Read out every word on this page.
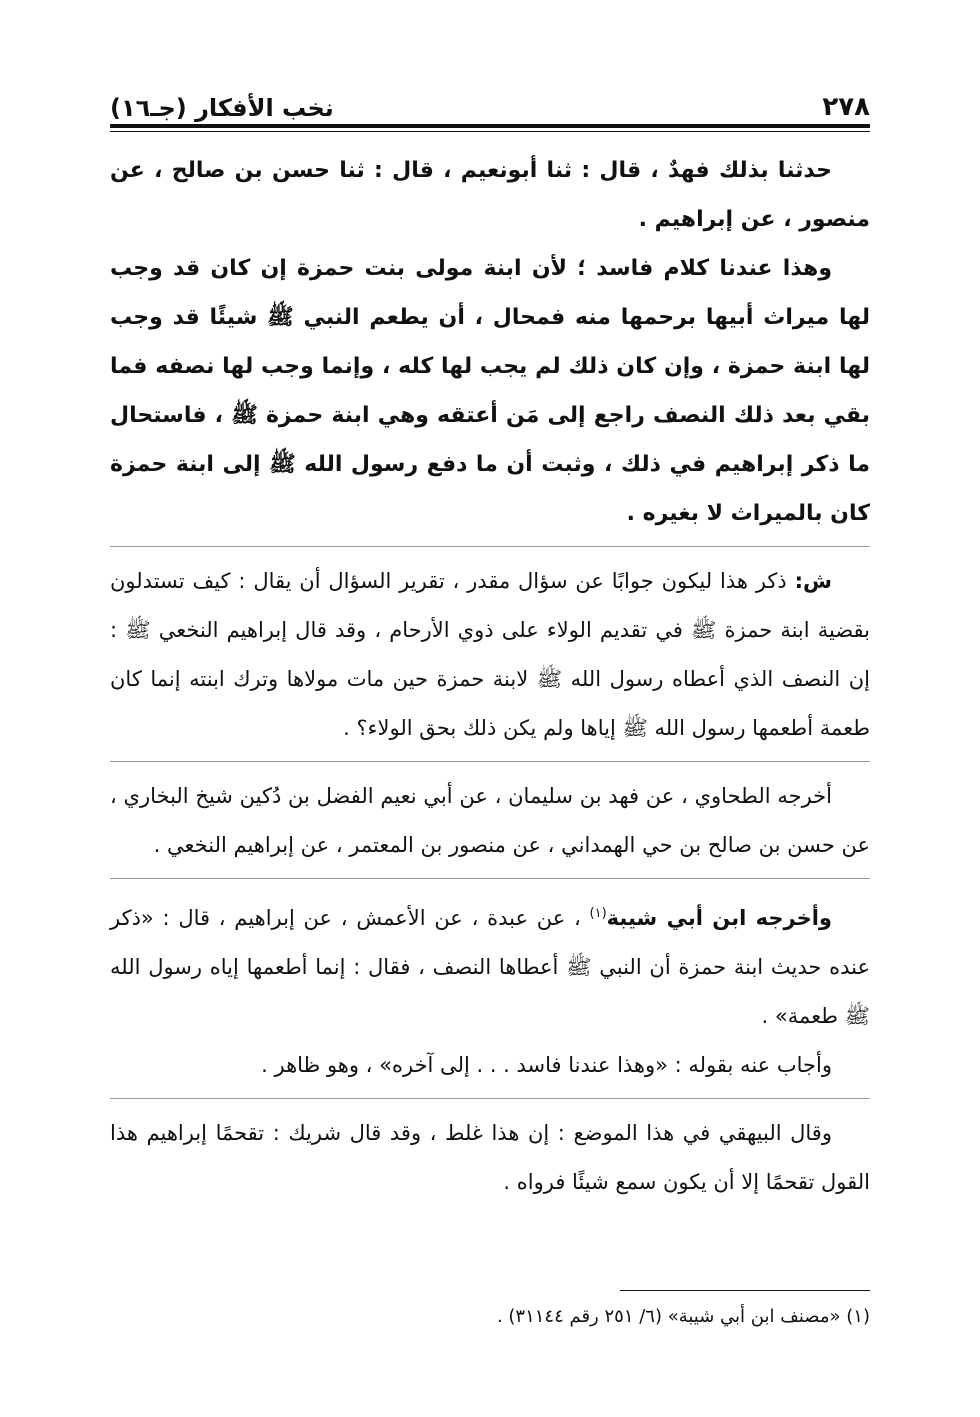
٢٧٨
نخب الأفكار (جـ١٦)

حدثنا بذلك فهدٌ ، قال : ثنا أبونعيم ، قال : ثنا حسن بن صالح ، عن منصور ، عن إبراهيم .

وهذا عندنا كلام فاسد ؛ لأن ابنة مولى بنت حمزة إن كان قد وجب لها ميراث أبيها برحمها منه فمحال ، أن يطعم النبي ﷺ شيئًا قد وجب لها ابنة حمزة ، وإن كان ذلك لم يجب لها كله ، وإنما وجب لها نصفه فما بقي بعد ذلك النصف راجع إلى مَن أعتقه وهي ابنة حمزة ﷺ ، فاستحال ما ذكر إبراهيم في ذلك ، وثبت أن ما دفع رسول الله ﷺ إلى ابنة حمزة كان بالميراث لا بغيره .

ش: ذكر هذا ليكون جوابًا عن سؤال مقدر ، تقرير السؤال أن يقال : كيف تستدلون بقضية ابنة حمزة ﷺ في تقديم الولاء على ذوي الأرحام ، وقد قال إبراهيم النخعي ﷺ : إن النصف الذي أعطاه رسول الله ﷺ لابنة حمزة حين مات مولاها وترك ابنته إنما كان طعمة أطعمها رسول الله ﷺ إياها ولم يكن ذلك بحق الولاء؟ .

أخرجه الطحاوي ، عن فهد بن سليمان ، عن أبي نعيم الفضل بن دُكين شيخ البخاري ، عن حسن بن صالح بن حي الهمداني ، عن منصور بن المعتمر ، عن إبراهيم النخعي .

وأخرجه ابن أبي شيبة$^{(١)}$ ، عن عبدة ، عن الأعمش ، عن إبراهيم ، قال : «ذكر عنده حديث ابنة حمزة أن النبي ﷺ أعطاها النصف ، فقال : إنما أطعمها إياه رسول الله ﷺ طعمة» .

وأجاب عنه بقوله : «وهذا عندنا فاسد . . . إلى آخره» ، وهو ظاهر .

وقال البيهقي في هذا الموضع : إن هذا غلط ، وقد قال شريك : تقحمًا إبراهيم هذا القول تقحمًا إلا أن يكون سمع شيئًا فرواه .

(١) «مصنف ابن أبي شيبة» (٦/ ٢٥١ رقم ٣١١٤٤) .
